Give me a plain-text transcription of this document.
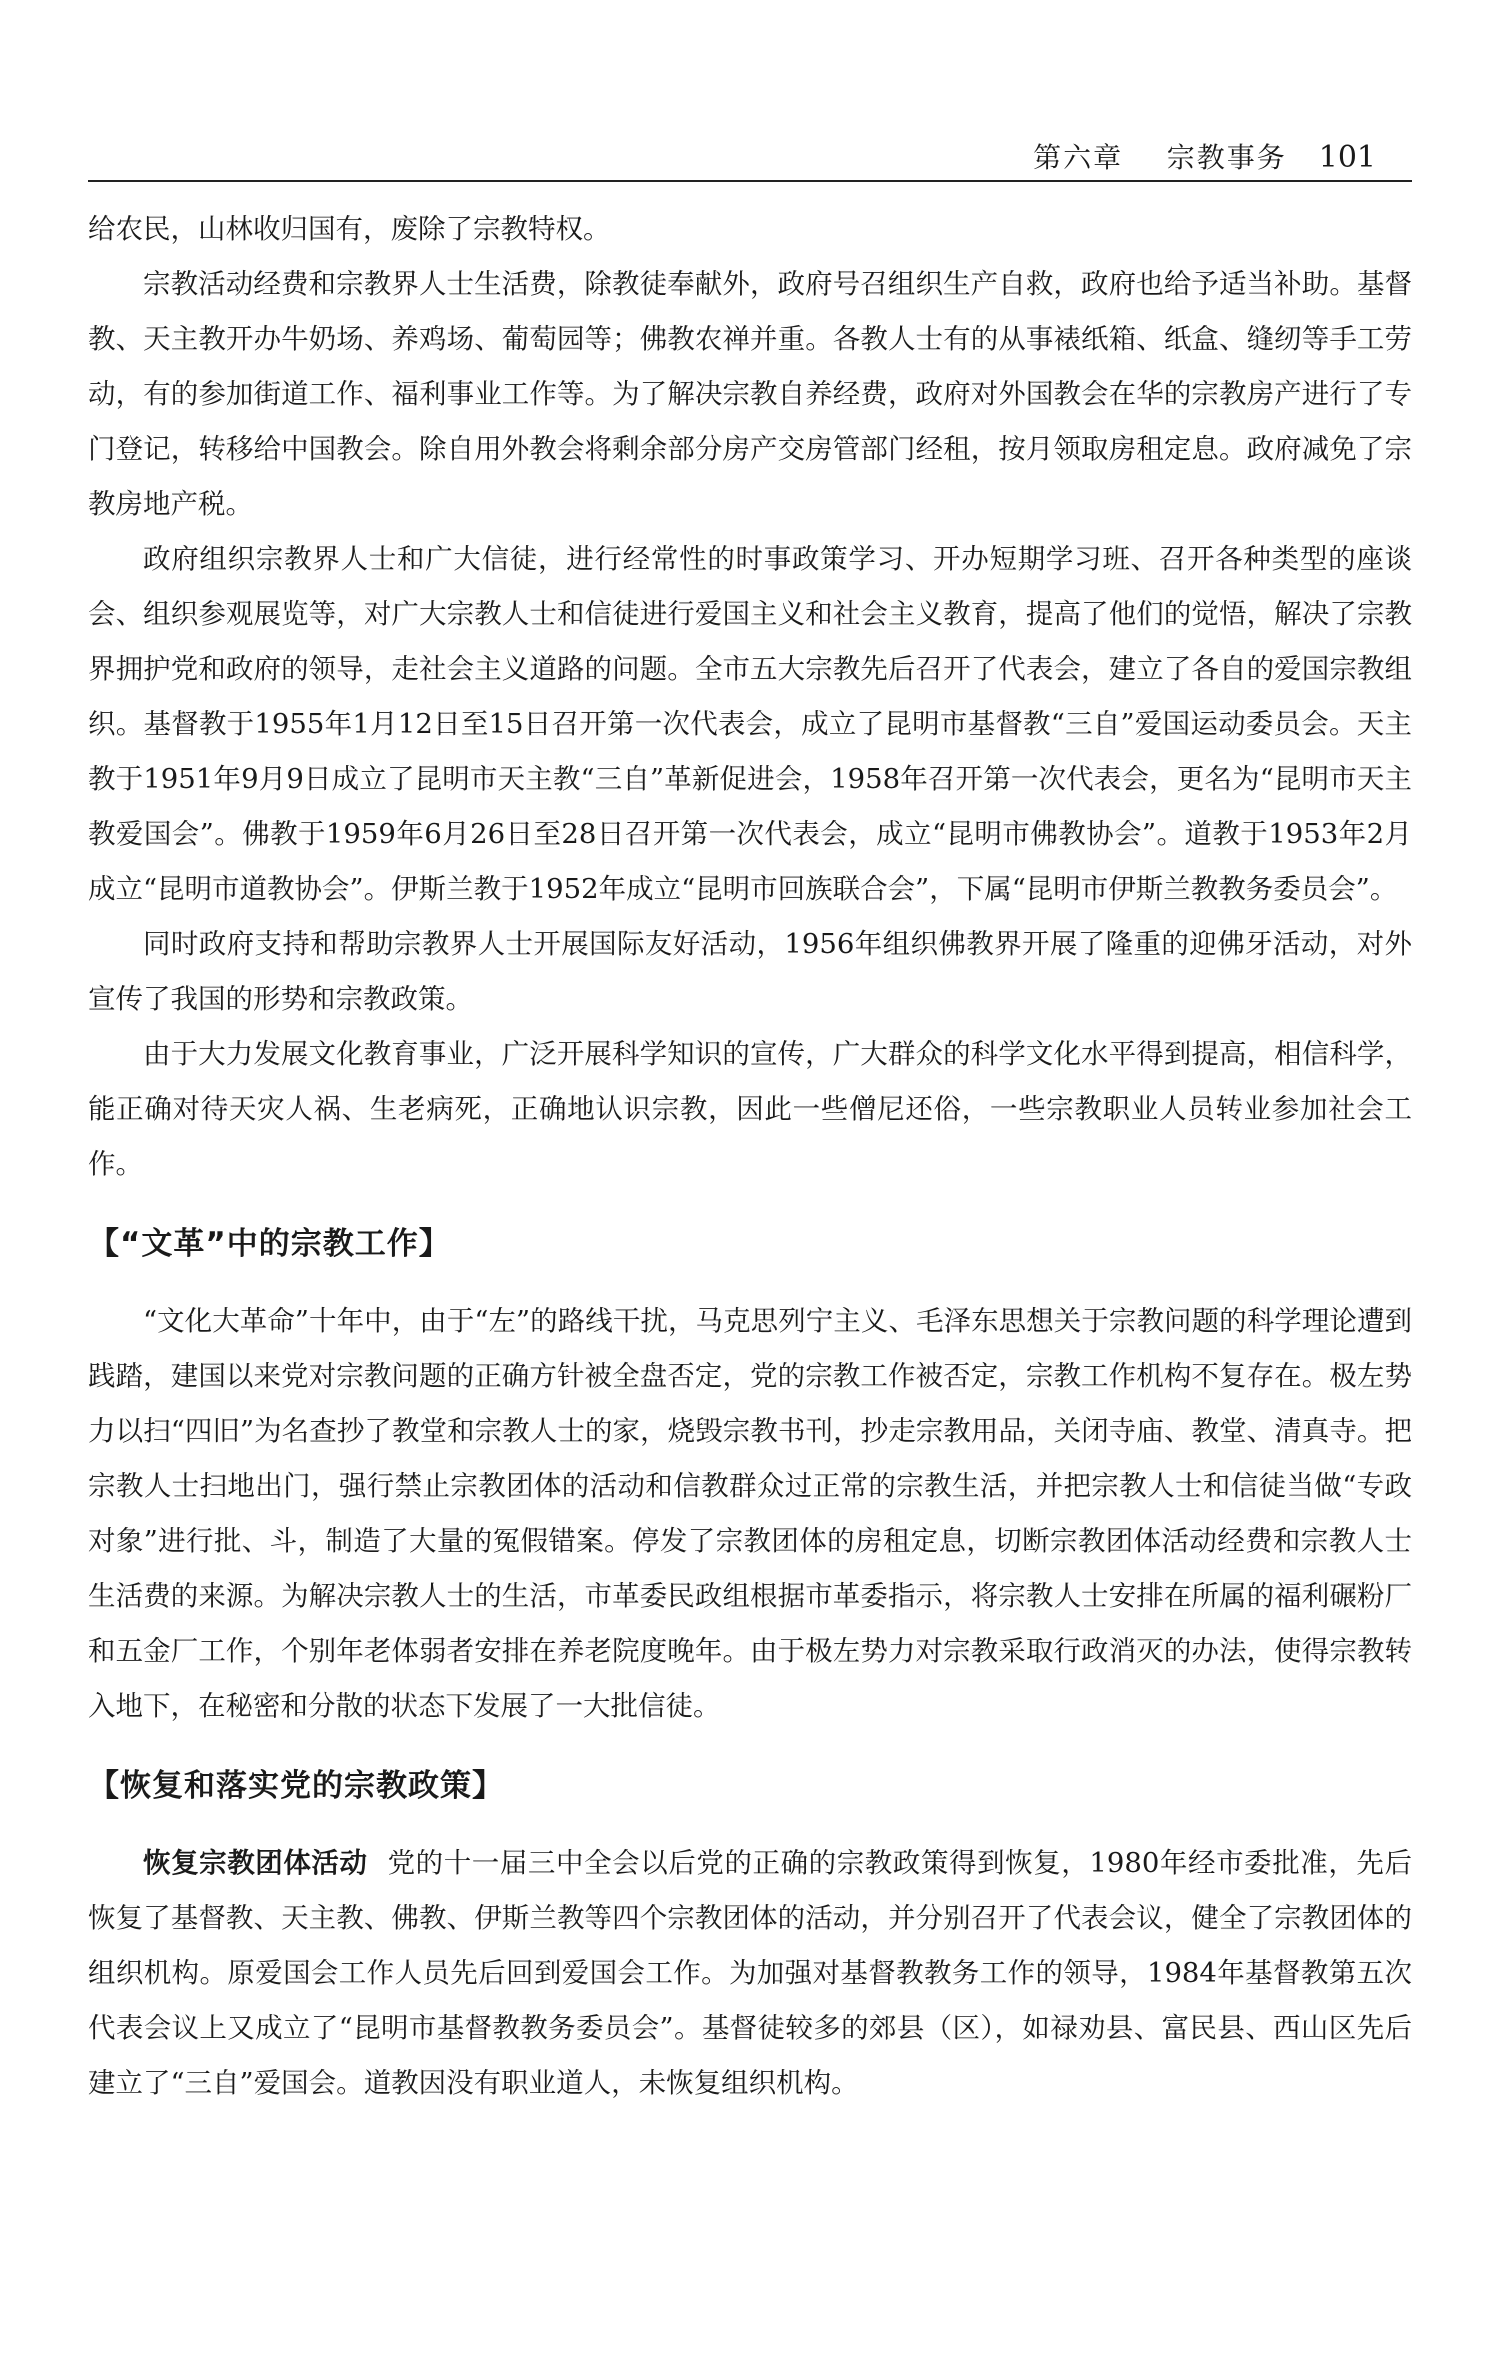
第六章 宗教事务 101

给农民，山林收归国有，废除了宗教特权。

宗教活动经费和宗教界人士生活费，除教徒奉献外，政府号召组织生产自救，政府也给予适当补助。基督教、天主教开办牛奶场、养鸡场、葡萄园等；佛教农禅并重。各教人士有的从事裱纸箱、纸盒、缝纫等手工劳动，有的参加街道工作、福利事业工作等。为了解决宗教自养经费，政府对外国教会在华的宗教房产进行了专门登记，转移给中国教会。除自用外教会将剩余部分房产交房管部门经租，按月领取房租定息。政府减免了宗教房地产税。

政府组织宗教界人士和广大信徒，进行经常性的时事政策学习、开办短期学习班、召开各种类型的座谈会、组织参观展览等，对广大宗教人士和信徒进行爱国主义和社会主义教育，提高了他们的觉悟，解决了宗教界拥护党和政府的领导，走社会主义道路的问题。全市五大宗教先后召开了代表会，建立了各自的爱国宗教组织。基督教于1955年1月12日至15日召开第一次代表会，成立了昆明市基督教“三自”爱国运动委员会。天主教于1951年9月9日成立了昆明市天主教“三自”革新促进会，1958年召开第一次代表会，更名为“昆明市天主教爱国会”。佛教于1959年6月26日至28日召开第一次代表会，成立“昆明市佛教协会”。道教于1953年2月成立“昆明市道教协会”。伊斯兰教于1952年成立“昆明市回族联合会”，下属“昆明市伊斯兰教教务委员会”。

同时政府支持和帮助宗教界人士开展国际友好活动，1956年组织佛教界开展了隆重的迎佛牙活动，对外宣传了我国的形势和宗教政策。

由于大力发展文化教育事业，广泛开展科学知识的宣传，广大群众的科学文化水平得到提高，相信科学，能正确对待天灾人祸、生老病死，正确地认识宗教，因此一些僧尼还俗，一些宗教职业人员转业参加社会工作。

【“文革”中的宗教工作】

“文化大革命”十年中，由于“左”的路线干扰，马克思列宁主义、毛泽东思想关于宗教问题的科学理论遭到践踏，建国以来党对宗教问题的正确方针被全盘否定，党的宗教工作被否定，宗教工作机构不复存在。极左势力以扫“四旧”为名查抄了教堂和宗教人士的家，烧毁宗教书刊，抄走宗教用品，关闭寺庙、教堂、清真寺。把宗教人士扫地出门，强行禁止宗教团体的活动和信教群众过正常的宗教生活，并把宗教人士和信徒当做“专政对象”进行批、斗，制造了大量的冤假错案。停发了宗教团体的房租定息，切断宗教团体活动经费和宗教人士生活费的来源。为解决宗教人士的生活，市革委民政组根据市革委指示，将宗教人士安排在所属的福利碾粉厂和五金厂工作，个别年老体弱者安排在养老院度晚年。由于极左势力对宗教采取行政消灭的办法，使得宗教转入地下，在秘密和分散的状态下发展了一大批信徒。

【恢复和落实党的宗教政策】

恢复宗教团体活动 党的十一届三中全会以后党的正确的宗教政策得到恢复，1980年经市委批准，先后恢复了基督教、天主教、佛教、伊斯兰教等四个宗教团体的活动，并分别召开了代表会议，健全了宗教团体的组织机构。原爱国会工作人员先后回到爱国会工作。为加强对基督教教务工作的领导，1984年基督教第五次代表会议上又成立了“昆明市基督教教务委员会”。基督徒较多的郊县（区），如禄劝县、富民县、西山区先后建立了“三自”爱国会。道教因没有职业道人，未恢复组织机构。
